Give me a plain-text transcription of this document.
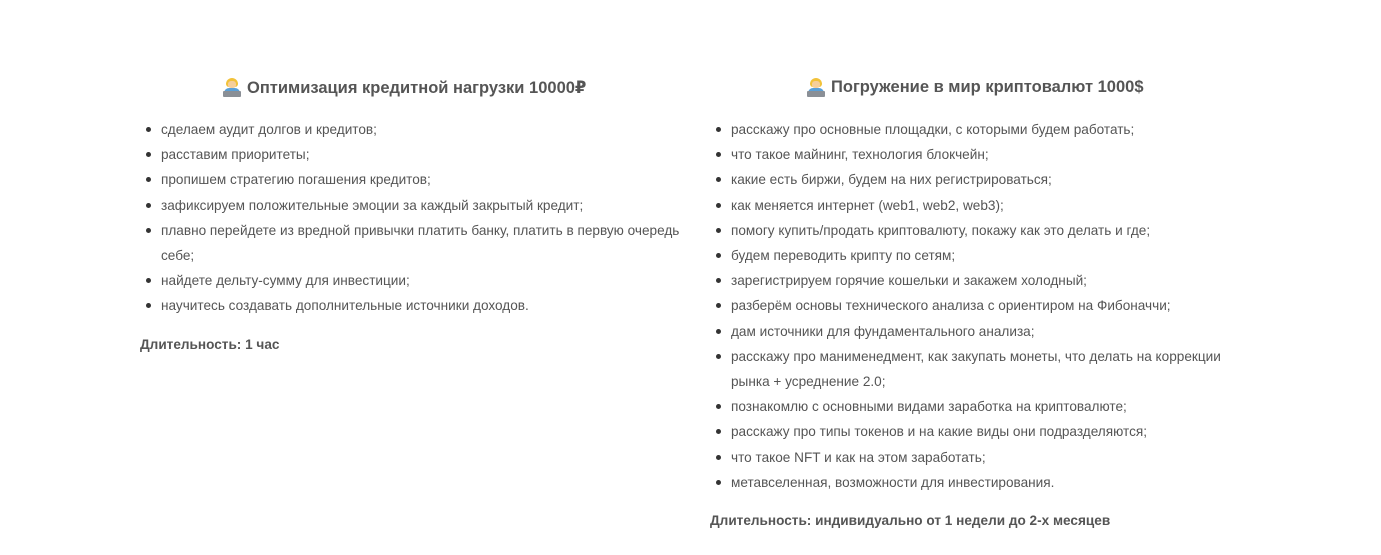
Оптимизация кредитной нагрузки 10000₽
сделаем аудит долгов и кредитов;
расставим приоритеты;
пропишем стратегию погашения кредитов;
зафиксируем положительные эмоции за каждый закрытый кредит;
плавно перейдете из вредной привычки платить банку, платить в первую очередь себе;
найдете дельту-сумму для инвестиции;
научитесь создавать дополнительные источники доходов.
Длительность: 1 час
Погружение в мир криптовалют 1000$
расскажу про основные площадки, с которыми будем работать;
что такое майнинг, технология блокчейн;
какие есть биржи, будем на них регистрироваться;
как меняется интернет (web1, web2, web3);
помогу купить/продать криптовалюту, покажу как это делать и где;
будем переводить крипту по сетям;
зарегистрируем горячие кошельки и закажем холодный;
разберём основы технического анализа с ориентиром на Фибоначчи;
дам источники для фундаментального анализа;
расскажу про манименедмент, как закупать монеты, что делать на коррекции рынка + усреднение 2.0;
познакомлю с основными видами заработка на криптовалюте;
расскажу про типы токенов и на какие виды они подразделяются;
что такое NFT и как на этом заработать;
метавселенная, возможности для инвестирования.
Длительность: индивидуально от 1 недели до 2-х месяцев
